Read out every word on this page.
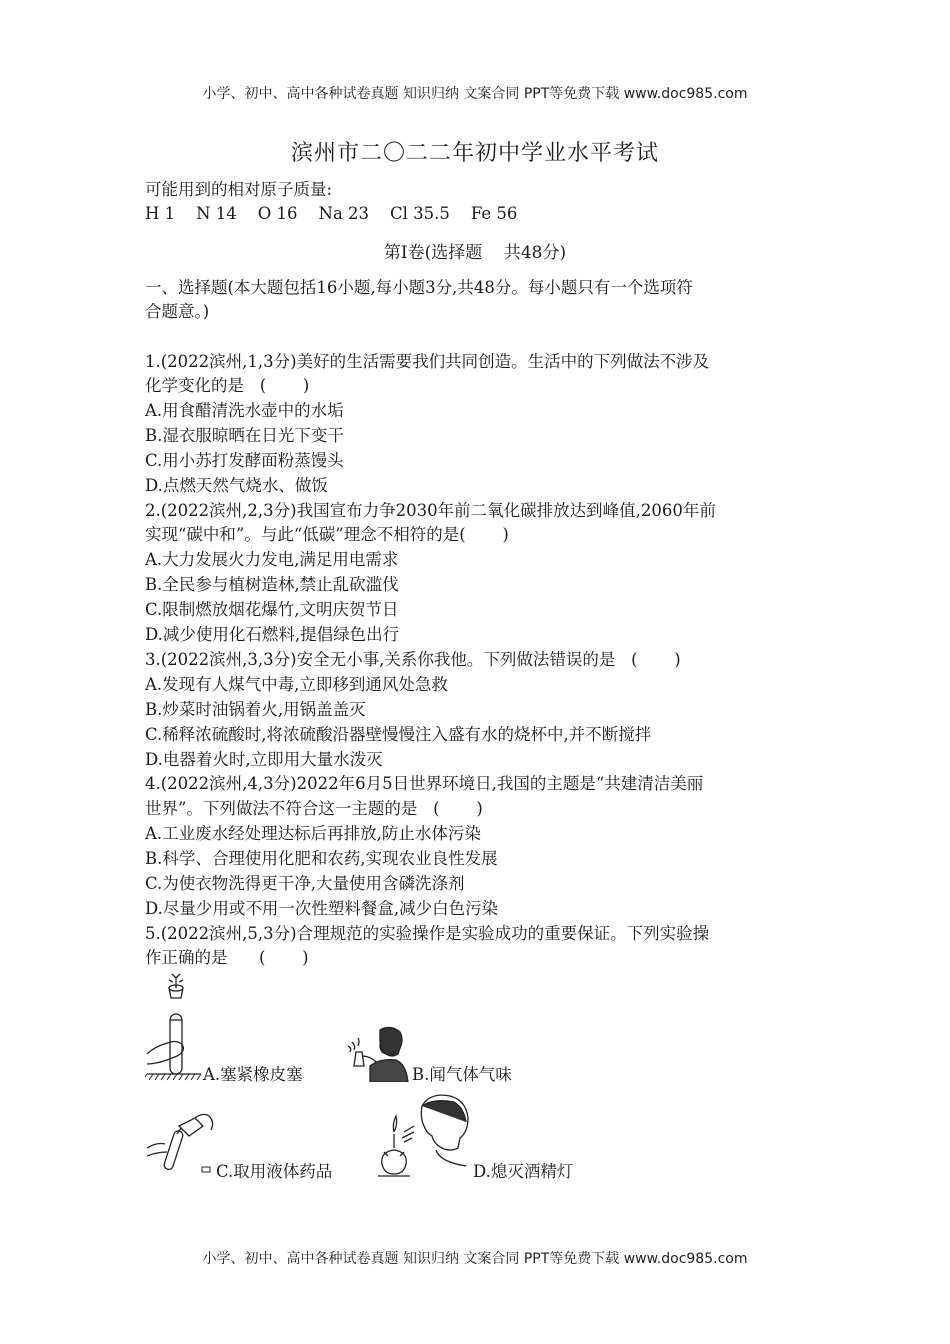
小学、初中、高中各种试卷真题 知识归纳 文案合同 PPT等免费下载 www.doc985.com
滨州市二〇二二年初中学业水平考试
可能用到的相对原子质量:
H 1    N 14    O 16    Na 23    Cl 35.5    Fe 56
第Ⅰ卷(选择题    共48分)
一、选择题(本大题包括16小题,每小题3分,共48分。每小题只有一个选项符
合题意。)
1.(2022滨州,1,3分)美好的生活需要我们共同创造。生活中的下列做法不涉及
化学变化的是   (       )
A.用食醋清洗水壶中的水垢
B.湿衣服晾晒在日光下变干
C.用小苏打发酵面粉蒸馒头
D.点燃天然气烧水、做饭
2.(2022滨州,2,3分)我国宣布力争2030年前二氧化碳排放达到峰值,2060年前
实现“碳中和”。与此“低碳”理念不相符的是(       )
A.大力发展火力发电,满足用电需求
B.全民参与植树造林,禁止乱砍滥伐
C.限制燃放烟花爆竹,文明庆贺节日
D.减少使用化石燃料,提倡绿色出行
3.(2022滨州,3,3分)安全无小事,关系你我他。下列做法错误的是   (       )
A.发现有人煤气中毒,立即移到通风处急救
B.炒菜时油锅着火,用锅盖盖灭
C.稀释浓硫酸时,将浓硫酸沿器壁慢慢注入盛有水的烧杯中,并不断搅拌
D.电器着火时,立即用大量水泼灭
4.(2022滨州,4,3分)2022年6月5日世界环境日,我国的主题是“共建清洁美丽
世界”。下列做法不符合这一主题的是   (       )
A.工业废水经处理达标后再排放,防止水体污染
B.科学、合理使用化肥和农药,实现农业良性发展
C.为使衣物洗得更干净,大量使用含磷洗涤剂
D.尽量少用或不用一次性塑料餐盒,减少白色污染
5.(2022滨州,5,3分)合理规范的实验操作是实验成功的重要保证。下列实验操
作正确的是      (       )
A.塞紧橡皮塞	B.闻气体气味
C.取用液体药品	D.熄灭酒精灯
小学、初中、高中各种试卷真题 知识归纳 文案合同 PPT等免费下载 www.doc985.com
